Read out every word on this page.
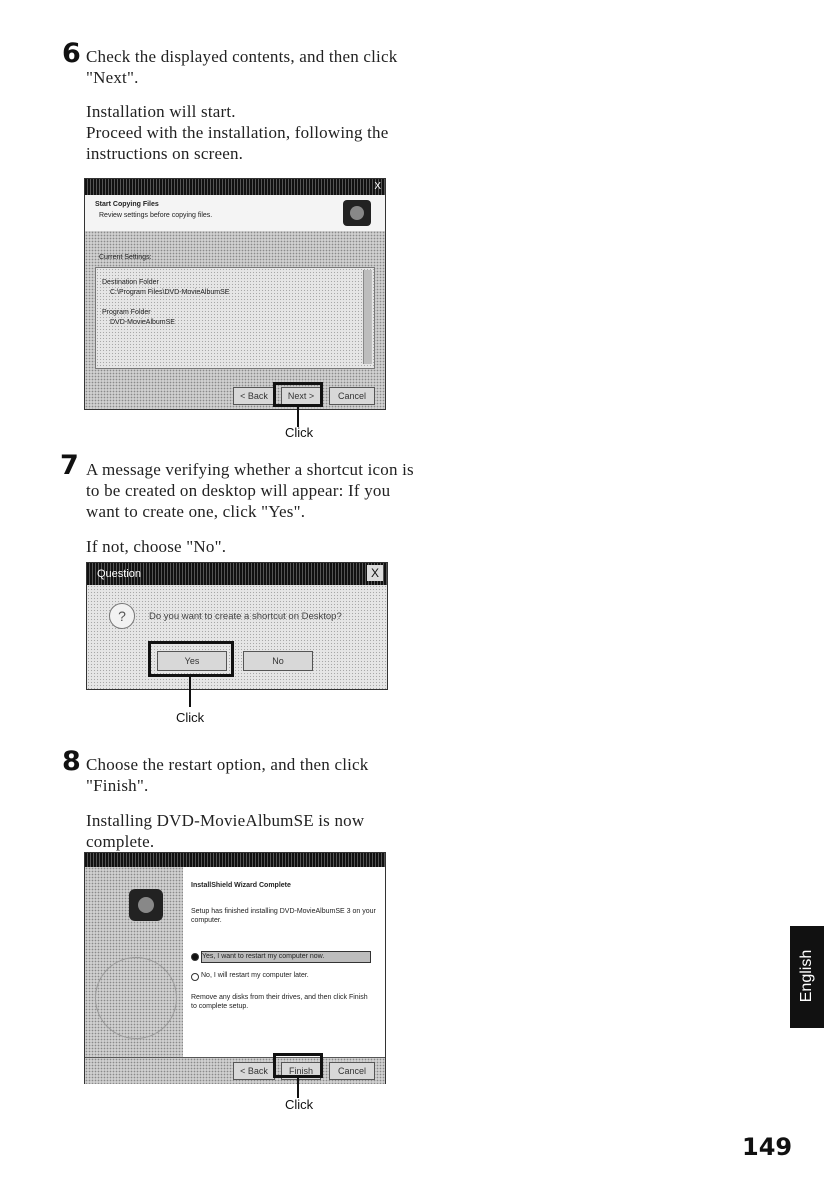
6 Check the displayed contents, and then click
"Next".
Installation will start.
Proceed with the installation, following the
instructions on screen.
X
Start Copying Files
Review settings before copying files.
Current Settings:
Destination Folder
C:\Program Files\DVD-MovieAlbumSE
Program Folder
DVD-MovieAlbumSE
< Back	Next >	Cancel
Click
7 A message verifying whether a shortcut icon is
to be created on desktop will appear: If you
want to create one, click "Yes".
If not, choose "No".
Question	X
?	Do you want to create a shortcut on Desktop?
Yes	No
Click
8 Choose the restart option, and then click
"Finish".
Installing DVD-MovieAlbumSE is now
complete.
InstallShield Wizard Complete
Setup has finished installing DVD-MovieAlbumSE 3 on your computer.
Yes, I want to restart my computer now.
No, I will restart my computer later.
Remove any disks from their drives, and then click Finish to complete setup.
< Back	Finish	Cancel
Click
English
149
